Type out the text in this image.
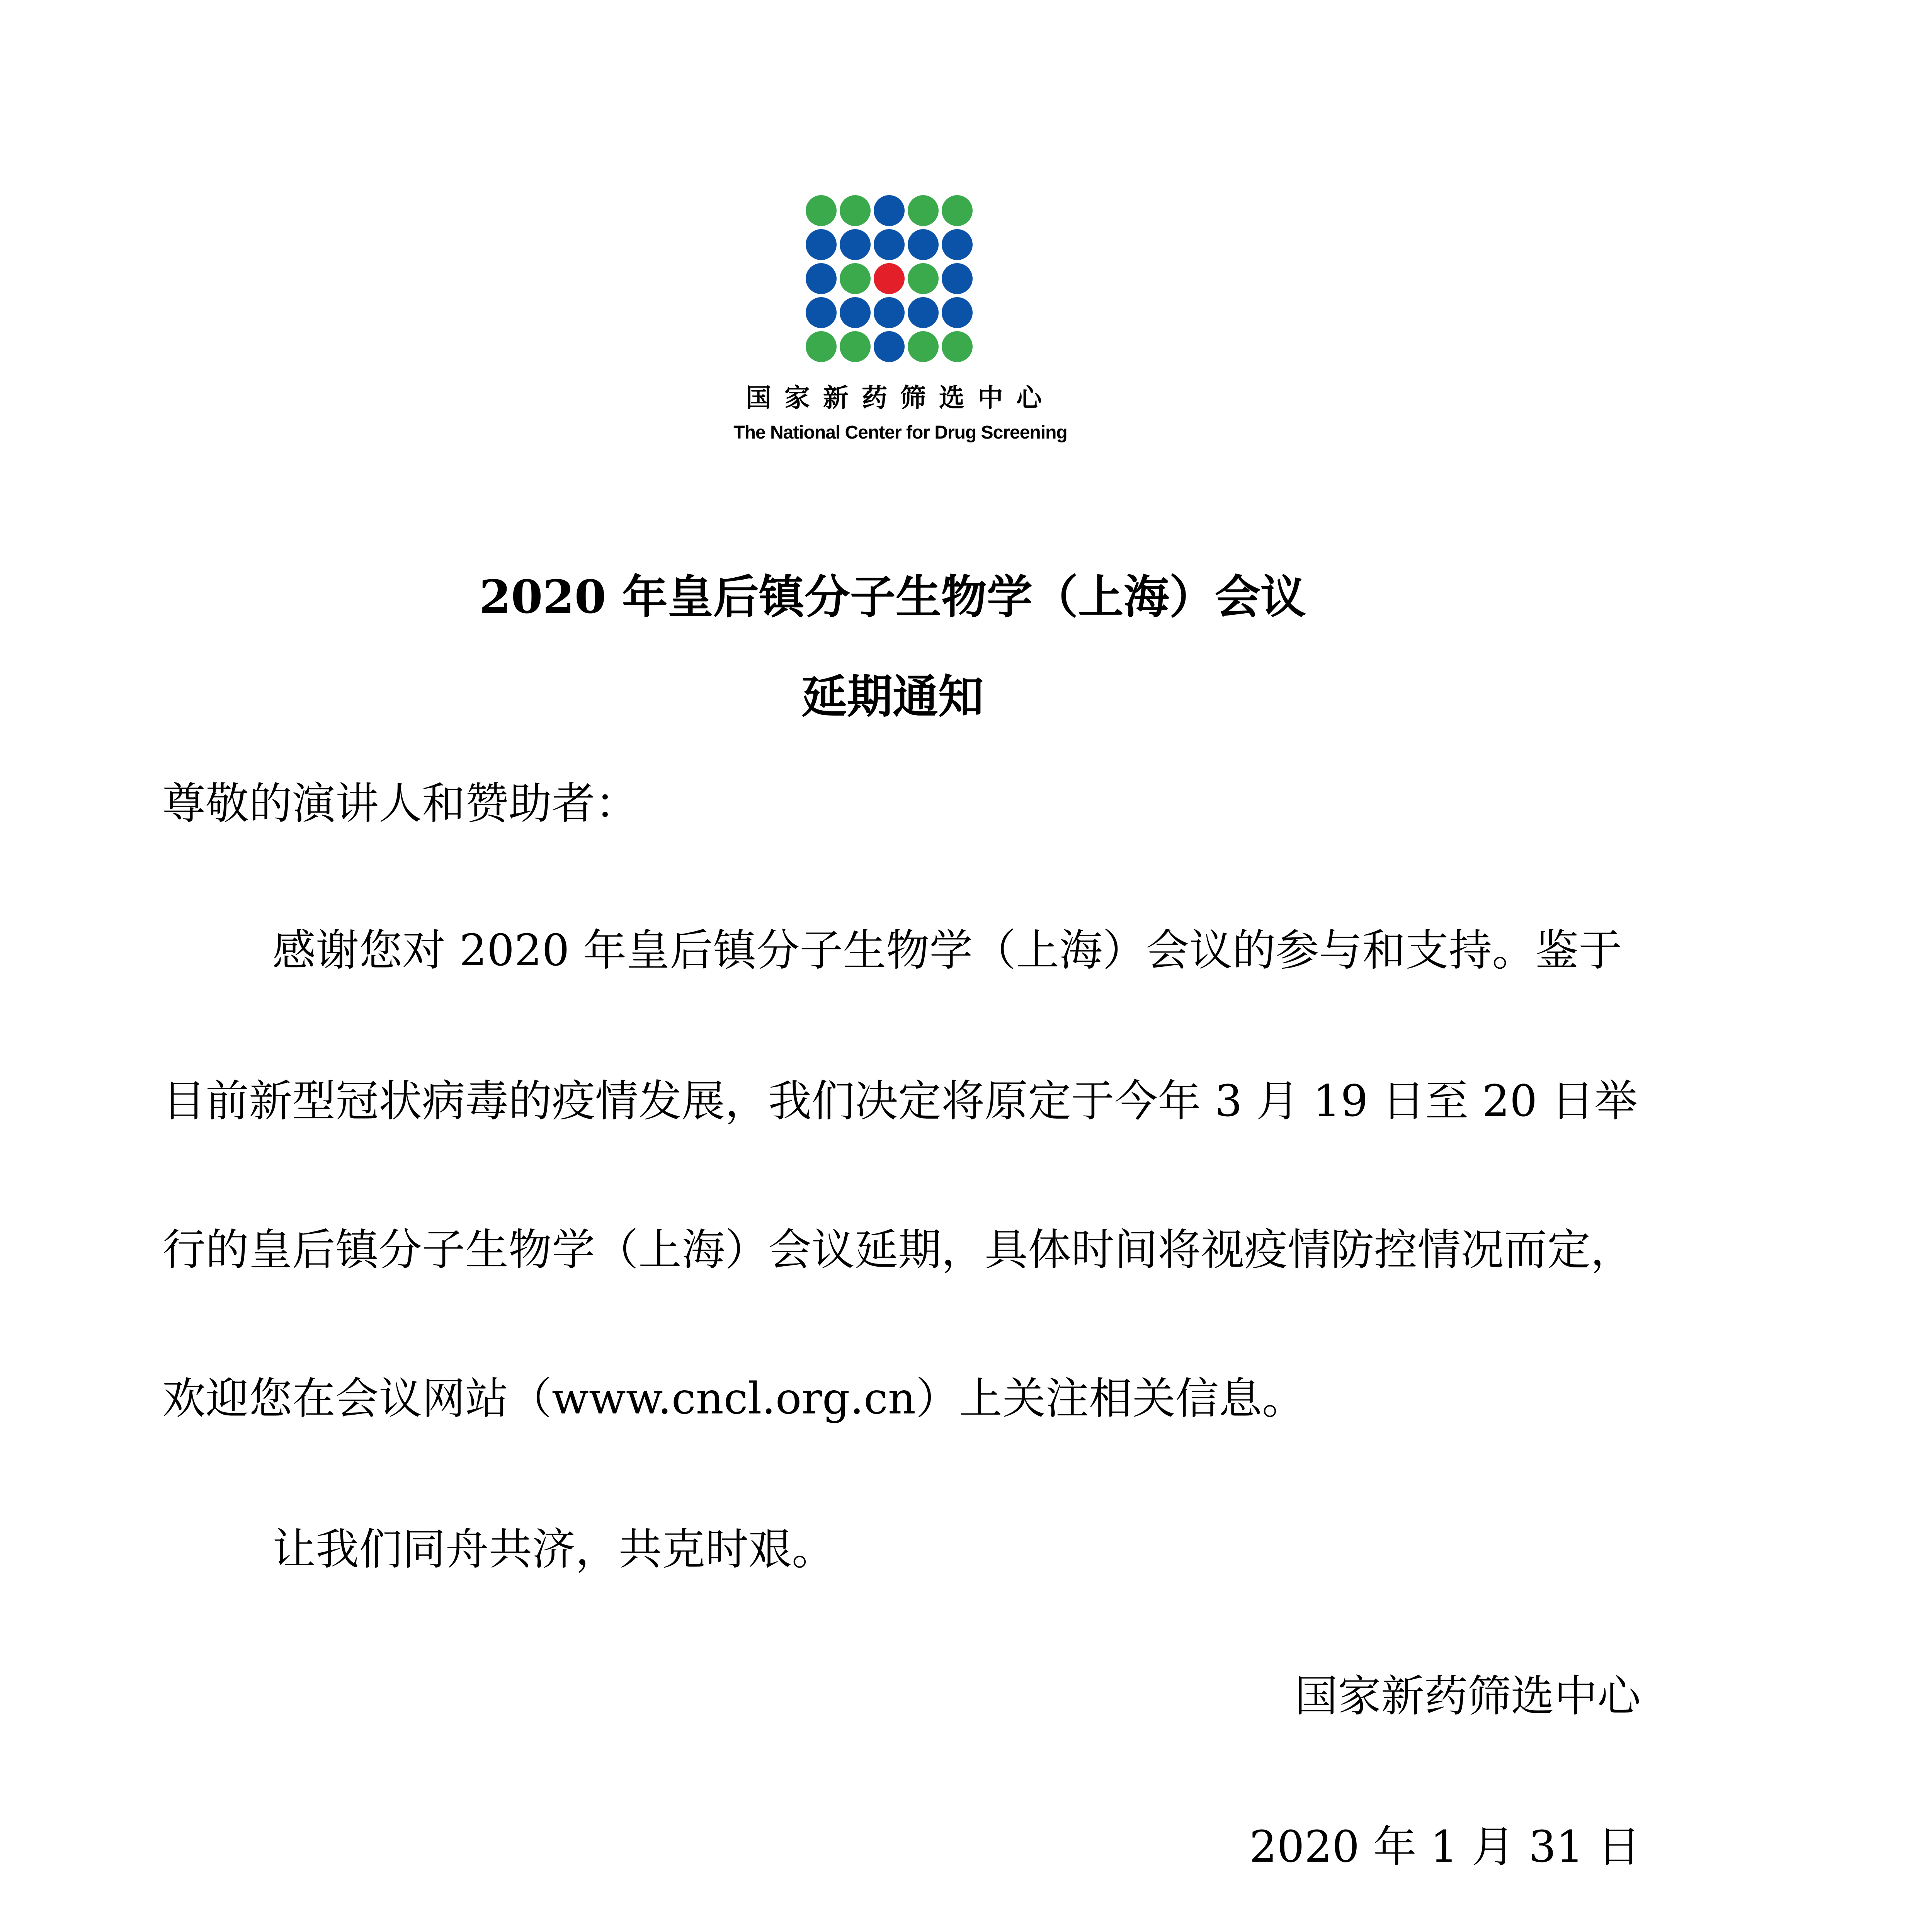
国家新药筛选中心
The National Center for Drug Screening
2020 年皇后镇分子生物学（上海）会议
延期通知
尊敬的演讲人和赞助者：
感谢您对 2020 年皇后镇分子生物学（上海）会议的参与和支持。鉴于
目前新型冠状病毒的疫情发展，我们决定将原定于今年 3 月 19 日至 20 日举
行的皇后镇分子生物学（上海）会议延期，具体时间将视疫情防控情况而定，
欢迎您在会议网站（www.cncl.org.cn）上关注相关信息。
让我们同舟共济，共克时艰。
国家新药筛选中心
2020 年 1 月 31 日
